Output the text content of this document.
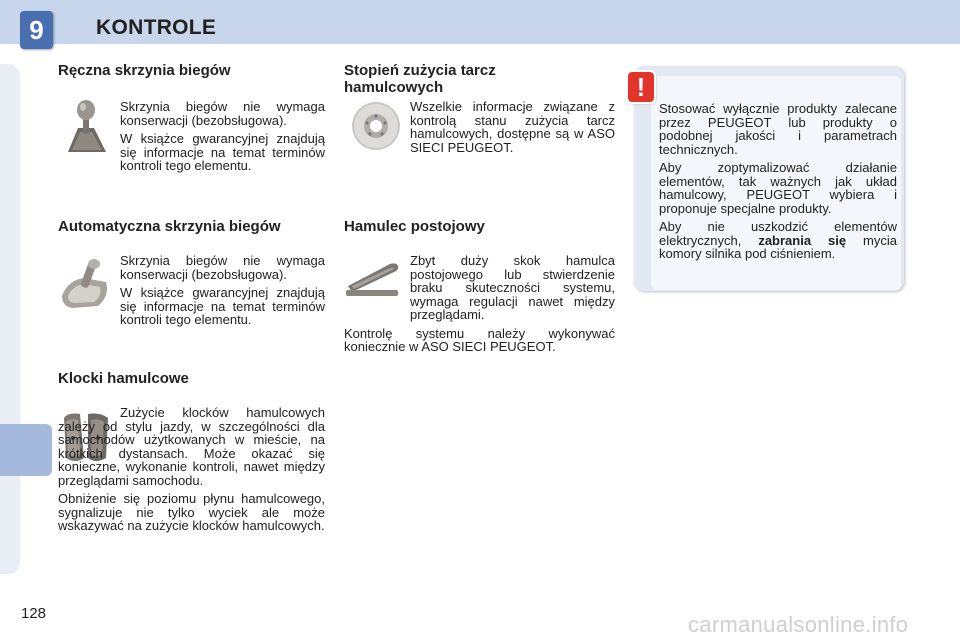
9	KONTROLE
Ręczna skrzynia biegów

Skrzynia biegów nie wymaga konserwacji (bezobsługowa).

W książce gwarancyjnej znajdują się informacje na temat terminów kontroli tego elementu.

Automatyczna skrzynia biegów

Skrzynia biegów nie wymaga konserwacji (bezobsługowa).

W książce gwarancyjnej znajdują się informacje na temat terminów kontroli tego elementu.

Klocki hamulcowe

Zużycie klocków hamulcowych zależy od stylu jazdy, w szczególności dla samochodów użytkowanych w mieście, na krótkich dystansach. Może okazać się konieczne, wykonanie kontroli, nawet między przeglądami samochodu.

Obniżenie się poziomu płynu hamulcowego, sygnalizuje nie tylko wyciek ale może wskazywać na zużycie klocków hamulcowych.

Stopień zużycia tarcz hamulcowych

Wszelkie informacje związane z kontrolą stanu zużycia tarcz hamulcowych, dostępne są w ASO SIECI PEUGEOT.

Hamulec postojowy

Zbyt duży skok hamulca postojowego lub stwierdzenie braku skuteczności systemu, wymaga regulacji nawet między przeglądami.

Kontrolę systemu należy wykonywać koniecznie w ASO SIECI PEUGEOT.

!

Stosować wyłącznie produkty zalecane przez PEUGEOT lub produkty o podobnej jakości i parametrach technicznych.

Aby zoptymalizować działanie elementów, tak ważnych jak układ hamulcowy, PEUGEOT wybiera i proponuje specjalne produkty.

Aby nie uszkodzić elementów elektrycznych, zabrania się mycia komory silnika pod ciśnieniem.

128	carmanualsonline.info
